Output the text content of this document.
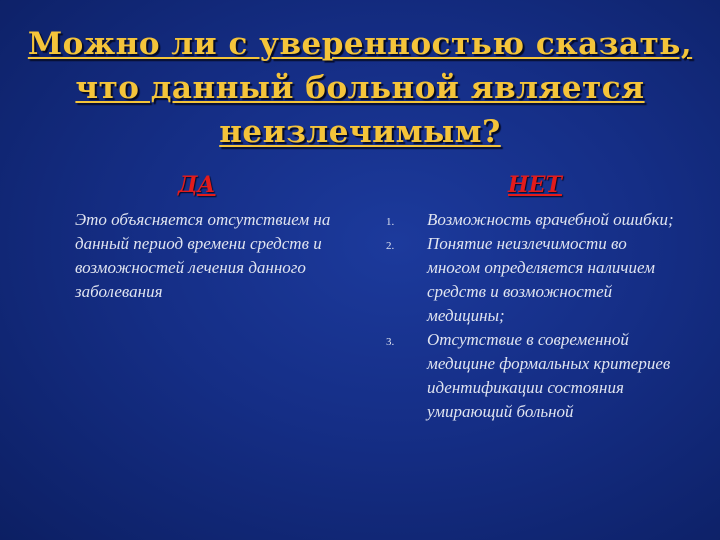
Можно ли с уверенностью сказать, что данный больной является неизлечимым?
ДА	НЕТ
Это объясняется отсутствием на данный период времени средств и возможностей лечения данного заболевания
1. Возможность врачебной ошибки;
2. Понятие неизлечимости во многом определяется наличием средств и возможностей медицины;
3. Отсутствие в современной медицине формальных критериев идентификации состояния умирающий больной
